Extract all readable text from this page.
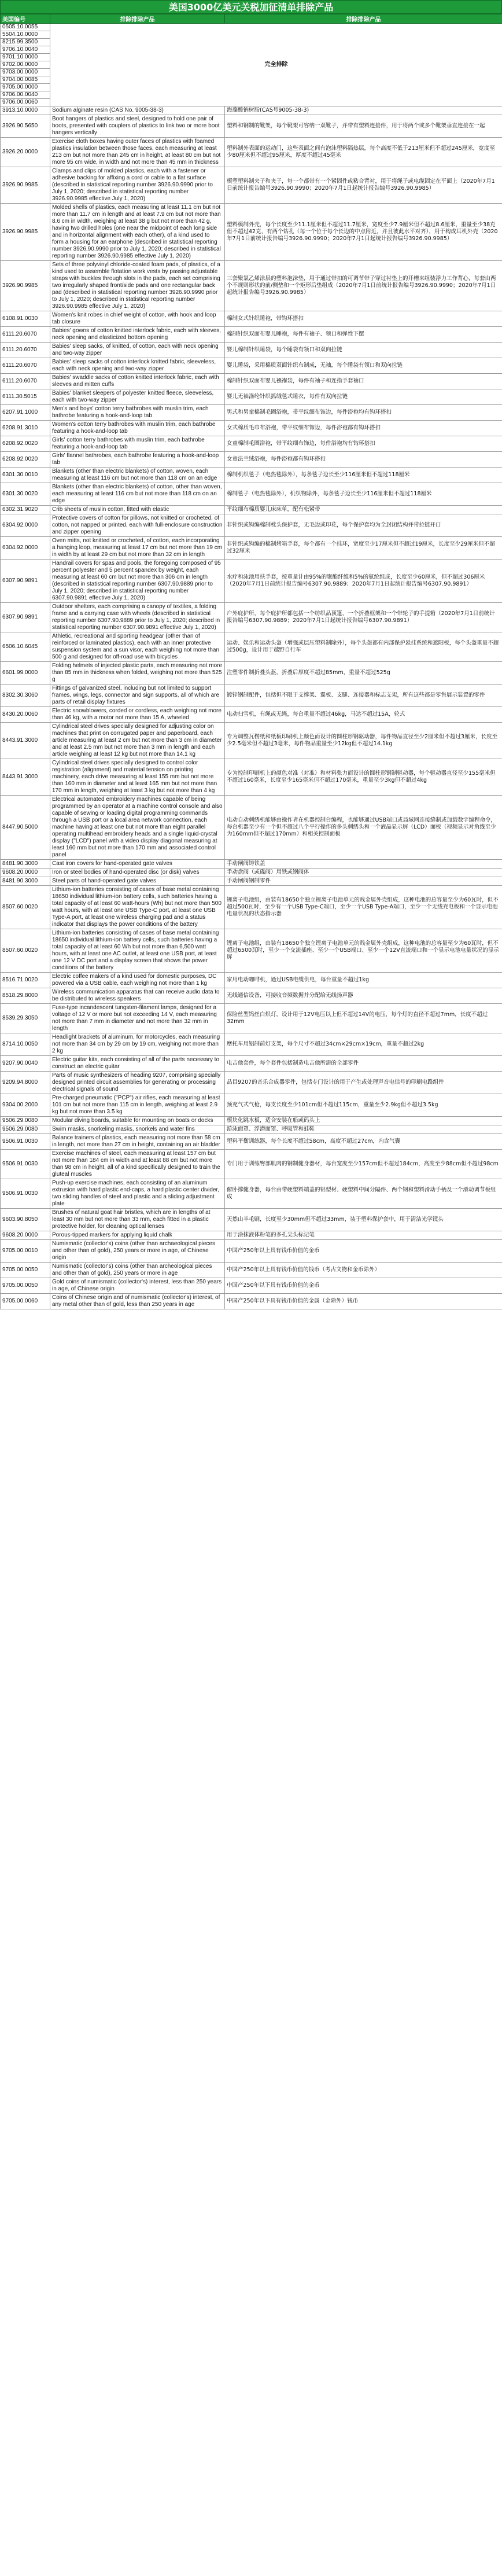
美国3000亿美元关税加征清单排除产品
美国编号	排除排除产品	排除排除产品
0505.10.0055	完全排除	
5504.10.0000		
8215.99.3500		
9706.10.0040		
9701.10.0000		
9702.00.0000		
9703.00.0000		
9704.00.0085		
9705.00.0000		
9706.00.0040		
9706.00.0060		
3913.10.0000	Sodium alginate resin (CAS No. 9005-38-3)	海藻酸钠树脂(CAS号9005-38-3)
3926.90.5650	Boot hangers of plastics and steel, designed to hold one pair of boots, presented with couplers of plastics to link two or more boot hangers vertically	塑料和钢制的靴架，每个靴架可容纳一双靴子，并带有塑料连接件，用于将两个或多个靴架垂直连接在一起
3926.20.0000	Exercise cloth boxes having outer faces of plastics with foamed plastics insulation between those faces, each measuring at least 213 cm but not more than 245 cm in height, at least 80 cm but not more 95 cm wide, in width and not more than 45 mm in thickness	塑料制外表面的运动门，这些表面之间有泡沫塑料隔热层，每个高度不低于213厘米但不超过245厘米，宽度至少80厘米但不超过95厘米，厚度不超过45毫米
3926.90.9985	Clamps and clips of molded plastics, each with a fastener or adhesive backing for affixing a cord or cable to a flat surface (described in statistical reporting number 3926.90.9990 prior to July 1, 2020; described in statistical reporting number 3926.90.9985 effective July 1, 2020)	模塑塑料制夹子和夹子，每一个都带有一个紧固件或粘合背衬，用于将绳子或电缆固定在平面上（2020年7月1日前统计报告编号3926.90.9990；2020年7月1日起统计报告编号3926.90.9985）
3926.90.9985	Molded shells of plastics, each measuring at least 11.1 cm but not more than 11.7 cm in length and at least 7.9 cm but not more than 8.6 cm in width, weighing at least 38 g but not more than 42 g, having two drilled holes (one near the midpoint of each long side and in horizontal alignment with each other), of a kind used to form a housing for an earphone (described in statistical reporting number 3926.90.9990 prior to July 1, 2020; described in statistical reporting number 3926.90.9985 effective July 1, 2020)	塑料模制外壳，每个长度至少11.1厘米但不超过11.7厘米，宽度至少7.9厘米但不超过8.6厘米，重量至少38克但不超过42克，有两个钻孔（每一个位于每个长边的中点附近，并且彼此水平对齐），用于构成耳机外壳（2020年7月1日前统计报告编号3926.90.9990；2020年7月1日起统计报告编号3926.90.9985）
3926.90.9985	Sets of three polyvinyl chloride-coated foam pads, of plastics, of a kind used to assemble flotation work vests by passing adjustable straps with buckles through slots in the pads, each set comprising two irregularly shaped front/side pads and one rectangular back pad (described in statistical reporting number 3926.90.9990 prior to July 1, 2020; described in statistical reporting number 3926.90.9985 effective July 1, 2020)	三套聚氯乙烯涂层的塑料泡沫垫，用于通过带扣的可调节带子穿过衬垫上的开槽来组装浮力工作背心，每套由两个不规则形状的前/侧垫和一个矩形后垫组成（2020年7月1日前统计报告编号3926.90.9990；2020年7月1日起统计报告编号3926.90.9985）
6108.91.0030	Women's knit robes in chief weight of cotton, with hook and loop tab closure	棉制女式针织睡袍，带钩环搭扣
6111.20.6070	Babies' gowns of cotton knitted interlock fabric, each with sleeves, neck opening and elasticized bottom opening	棉制针织双面布婴儿睡袍，每件有袖子、领口和弹性下摆
6111.20.6070	Babies' sleep sacks, of knitted, of cotton, each with neck opening and two-way zipper	婴儿棉制针织睡袋，每个睡袋有领口和双向拉链
6111.20.6070	Babies' sleep sacks of cotton interlock knitted fabric, sleeveless, each with neck opening and two-way zipper	婴儿睡袋，采用棉质双面针织布制成，无袖，每个睡袋有领口和双向拉链
6111.20.6070	Babies' swaddle sacks of cotton knitted interlock fabric, each with sleeves and mitten cuffs	棉制针织双面布婴儿襁褓袋，每件有袖子和连指手套袖口
6111.30.5015	Babies' blanket sleepers of polyester knitted fleece, sleeveless, each with two-way zipper	婴儿无袖涤纶针织抓绒毯式睡衣，每件有双向拉链
6207.91.1000	Men's and boys' cotton terry bathrobes with muslin trim, each bathrobe featuring a hook-and-loop tab	男式和男童棉制毛圈浴袍，带平纹细布饰边，每件浴袍均有钩环搭扣
6208.91.3010	Women's cotton terry bathrobes with muslin trim, each bathrobe featuring a hook-and-loop tab	女式棉质毛巾布浴袍，带平纹细布饰边，每件浴袍都有钩环搭扣
6208.92.0020	Girls' cotton terry bathrobes with muslin trim, each bathrobe featuring a hook-and-loop tab	女童棉制毛圈浴袍，带平纹细布饰边，每件浴袍均有钩环搭扣
6208.92.0020	Girls' flannel bathrobes, each bathrobe featuring a hook-and-loop tab	女童法兰绒浴袍，每件浴袍都有钩环搭扣
6301.30.0010	Blankets (other than electric blankets) of cotton, woven, each measuring at least 116 cm but not more than 118 cm on an edge	棉制机织毯子（电热毯除外），每条毯子边长至少116厘米但不超过118厘米
6301.30.0020	Blankets (other than electric blankets) of cotton, other than woven, each measuring at least 116 cm but not more than 118 cm on an edge	棉制毯子（电热毯除外），机织物除外，每条毯子边长至少116厘米但不超过118厘米
6302.31.9020	Crib sheets of muslin cotton, fitted with elastic	平纹细布棉质婴儿床床单，配有松紧带
6304.92.0000	Protective covers of cotton for pillows, not knitted or crocheted, of cotton, not napped or printed, each with full-enclosure construction and zipper opening	非针织或钩编棉制枕头保护套，无毛边或印花，每个保护套均为全封闭结构并带拉链开口
6304.92.0000	Oven mitts, not knitted or crocheted, of cotton, each incorporating a hanging loop, measuring at least 17 cm but not more than 19 cm in width by at least 29 cm but not more than 32 cm in length	非针织或钩编的棉制烤箱手套，每个都有一个挂环，宽度至少17厘米但不超过19厘米，长度至少29厘米但不超过32厘米
6307.90.9891	Handrail covers for spas and pools, the foregoing composed of 95 percent polyester and 5 percent spandex by weight, each measuring at least 60 cm but not more than 306 cm in length (described in statistical reporting number 6307.90.9889 prior to July 1, 2020; described in statistical reporting number 6307.90.9891 effective July 1, 2020)	水疗和泳池用扶手套，按重量计由95%的聚酯纤维和5%的氨纶组成，长度至少60厘米，但不超过306厘米（2020年7月1日前统计报告编号6307.90.9889；2020年7月1日起统计报告编号6307.90.9891）
6307.90.9891	Outdoor shelters, each comprising a canopy of textiles, a folding frame and a carrying case with wheels (described in statistical reporting number 6307.90.9889 prior to July 1, 2020; described in statistical reporting number 6307.90.9891 effective July 1, 2020)	户外庇护所，每个庇护所都包括一个纺织品顶篷、一个折叠框架和一个带轮子的手提箱（2020年7月1日前统计报告编号6307.90.9889；2020年7月1日起统计报告编号6307.90.9891）
6506.10.6045	Athletic, recreational and sporting headgear (other than of reinforced or laminated plastics), each with an inner protective suspension system and a sun visor, each weighing not more than 500 g and designed for off-road use with bicycles	运动、娱乐和运动头盔（增强或层压塑料制除外），每个头盔都有内部保护悬挂系统和遮阳板，每个头盔重量不超过500g，设计用于越野自行车
6601.99.0000	Folding helmets of injected plastic parts, each measuring not more than 85 mm in thickness when folded, weighing not more than 525 g	注塑零件制折叠头盔，折叠后厚度不超过85mm，重量不超过525g
8302.30.3060	Fittings of galvanized steel, including but not limited to support frames, wings, legs, connector and sign supports, all of which are parts of retail display fixtures	镀锌钢制配件，包括但不限于支撑架、翼板、支腿、连接器和标志支架，所有这些都是零售展示装置的零件
8430.20.0060	Electric snowblowers, corded or cordless, each weighing not more than 46 kg, with a motor not more than 15 A, wheeled	电动扫雪机，有绳或无绳，每台重量不超过46kg，马达不超过15A，轮式
8443.91.3000	Cylindrical steel drives specially designed for adjusting color on machines that print on corrugated paper and paperboard, each article measuring at least 2 cm but not more than 3 cm in diameter and at least 2.5 mm but not more than 3 mm in length and each article weighing at least 12 kg but not more than 14.1 kg	专为调整瓦楞纸和纸板印刷机上颜色而设计的圆柱形钢驱动器，每件物品直径至少2厘米但不超过3厘米，长度至少2.5毫米但不超过3毫米，每件物品重量至少12kg但不超过14.1kg
8443.91.3000	Cylindrical steel drives specially designed to control color registration (alignment) and material tension on printing machinery, each drive measuring at least 155 mm but not more than 160 mm in diameter and at least 165 mm but not more than 170 mm in length, weighing at least 3 kg but not more than 4 kg	专为控制印刷机上的颜色对准（对准）和材料张力而设计的圆柱形钢制驱动器，每个驱动器直径至少155毫米但不超过160毫米，长度至少165毫米但不超过170毫米，重量至少3kg但不超过4kg
8447.90.5000	Electrical automated embroidery machines capable of being programmed by an operator at a machine control console and also capable of sewing or loading digital programming commands through a USB port or a local area network connection, each machine having at least one but not more than eight parallel operating multihead embroidery heads and a single liquid-crystal display ("LCD") panel with a video display diagonal measuring at least 160 mm but not more than 170 mm and associated control panel	电动自动刺绣机能够由操作者在机器控制台编程，也能够通过USB端口或局域网连接缝制或加载数字编程命令，每台机器至少有一个但不超过八个平行操作的多头刺绣头和一个液晶显示屏（LCD）面板（视频显示对角线至少为160mm但不超过170mm）和相关控制面板
8481.90.3000	Cast iron covers for hand-operated gate valves	手动闸阀铸铁盖
9608.20.0000	Iron or steel bodies of hand-operated disc (or disk) valves	手动盘阀（或碟阀）用铁或钢阀体
8481.90.3000	Steel parts of hand-operated gate valves	手动闸阀钢制零件
8507.60.0020	Lithium-ion batteries consisting of cases of base metal containing 18650 individual lithium-ion battery cells, such batteries having a total capacity of at least 60 watt-hours (Wh) but not more than 500 watt hours, with at least one USB Type-C port, at least one USB Type-A port, at least one wireless charging pad and a status indicator that displays the power conditions of the battery	锂离子电池组，由装有18650个独立锂离子电池单元的贱金属外壳组成，这种电池的总容量至少为60瓦时，但不超过500瓦时，至少有一个USB Type-C端口，至少一个USB Type-A端口，至少一个无线充电板和一个显示电池电量状况的状态指示器
8507.60.0020	Lithium-ion batteries consisting of cases of base metal containing 18650 individual lithium-ion battery cells, such batteries having a total capacity of at least 60 Wh but not more than 6,500 watt hours, with at least one AC outlet, at least one USB port, at least one 12 V DC port and a display screen that shows the power conditions of the battery	锂离子电池组，由装有18650个独立锂离子电池单元的贱金属外壳组成，这种电池的总容量至少为60瓦时，但不超过6500瓦时，至少一个交流插座、至少一个USB端口、至少一个12V直流端口和一个显示电池电量状况的显示屏
8516.71.0020	Electric coffee makers of a kind used for domestic purposes, DC powered via a USB cable, each weighing not more than 1 kg	家用电动咖啡机，通过USB电缆供电，每台重量不超过1kg
8518.29.8000	Wireless communication apparatus that can receive audio data to be distributed to wireless speakers	无线通信设备，可接收音频数据并分配给无线扬声器
8539.29.3050	Fuse-type incandescent tungsten-filament lamps, designed for a voltage of 12 V or more but not exceeding 14 V, each measuring not more than 7 mm in diameter and not more than 32 mm in length	保险丝型钨丝白炽灯，设计用于12V电压以上但不超过14V的电压，每个灯的直径不超过7mm，长度不超过32mm
8714.10.0050	Headlight brackets of aluminum, for motorcycles, each measuring not more than 34 cm by 29 cm by 19 cm, weighing not more than 2 kg	摩托车用铝制前灯支架，每个尺寸不超过34cm×29cm×19cm，重量不超过2kg
9207.90.0040	Electric guitar kits, each consisting of all of the parts necessary to construct an electric guitar	电吉他套件，每个套件包括制造电吉他所需的全部零件
9209.94.8000	Parts of music synthesizers of heading 9207, comprising specially designed printed circuit assemblies for generating or processing electrical signals of sound	品目9207的音乐合成器零件，包括专门设计的用于产生或处理声音电信号的印刷电路组件
9304.00.2000	Pre-charged pneumatic ("PCP") air rifles, each measuring at least 101 cm but not more than 115 cm in length, weighing at least 2.9 kg but not more than 3.5 kg	预充气式气枪，每支长度至少101cm但不超过115cm，重量至少2.9kg但不超过3.5kg
9506.29.0080	Modular diving boards, suitable for mounting on boats or docks	模块化跳水板，适合安装在船或码头上
9506.29.0080	Swim masks, snorkeling masks, snorkels and water fins	游泳面罩、浮潜面罩、呼吸管和蛙鞋
9506.91.0030	Balance trainers of plastics, each measuring not more than 58 cm in length, not more than 27 cm in height, containing an air bladder	塑料平衡训练器，每个长度不超过58cm，高度不超过27cm，内含气囊
9506.91.0030	Exercise machines of steel, each measuring at least 157 cm but not more than 184 cm in width and at least 88 cm but not more than 98 cm in height, all of a kind specifically designed to train the gluteal muscles	专门用于训练臀部肌肉的钢制健身器材，每台宽度至少157cm但不超过184cm，高度至少88cm但不超过98cm
9506.91.0030	Push-up exercise machines, each consisting of an aluminum extrusion with hard plastic end-caps, a hard plastic center divider, two sliding handles of steel and plastic and a sliding adjustment plate	俯卧撑健身器，每台由带硬塑料端盖的铝型材、硬塑料中间分隔件、两个钢和塑料滑动手柄及一个滑动调节板组成
9603.90.8050	Brushes of natural goat hair bristles, which are in lengths of at least 30 mm but not more than 33 mm, each fitted in a plastic protective holder, for cleaning optical lenses	天然山羊毛刷，长度至少30mm但不超过33mm，装于塑料保护套中，用于清洁光学镜头
9608.20.0000	Porous-tipped markers for applying liquid chalk	用于涂抹液体粉笔的多孔尖头标记笔
9705.00.0010	Numismatic (collector's) coins (other than archaeological pieces and other than of gold), 250 years or more in age, of Chinese origin	中国产250年以上具有钱币价值的金币
9705.00.0050	Numismatic (collector's) coins (other than archeological pieces and other than of gold), 250 years or more in age	中国产250年以上具有钱币价值的钱币（考古文物和金币除外）
9705.00.0050	Gold coins of numismatic (collector's) interest, less than 250 years in age, of Chinese origin	中国产250年以下具有钱币价值的金币
9705.00.0060	Coins of Chinese origin and of numismatic (collector's) interest, of any metal other than of gold, less than 250 years in age	中国产250年以下具有钱币价值的金属（金除外）钱币
